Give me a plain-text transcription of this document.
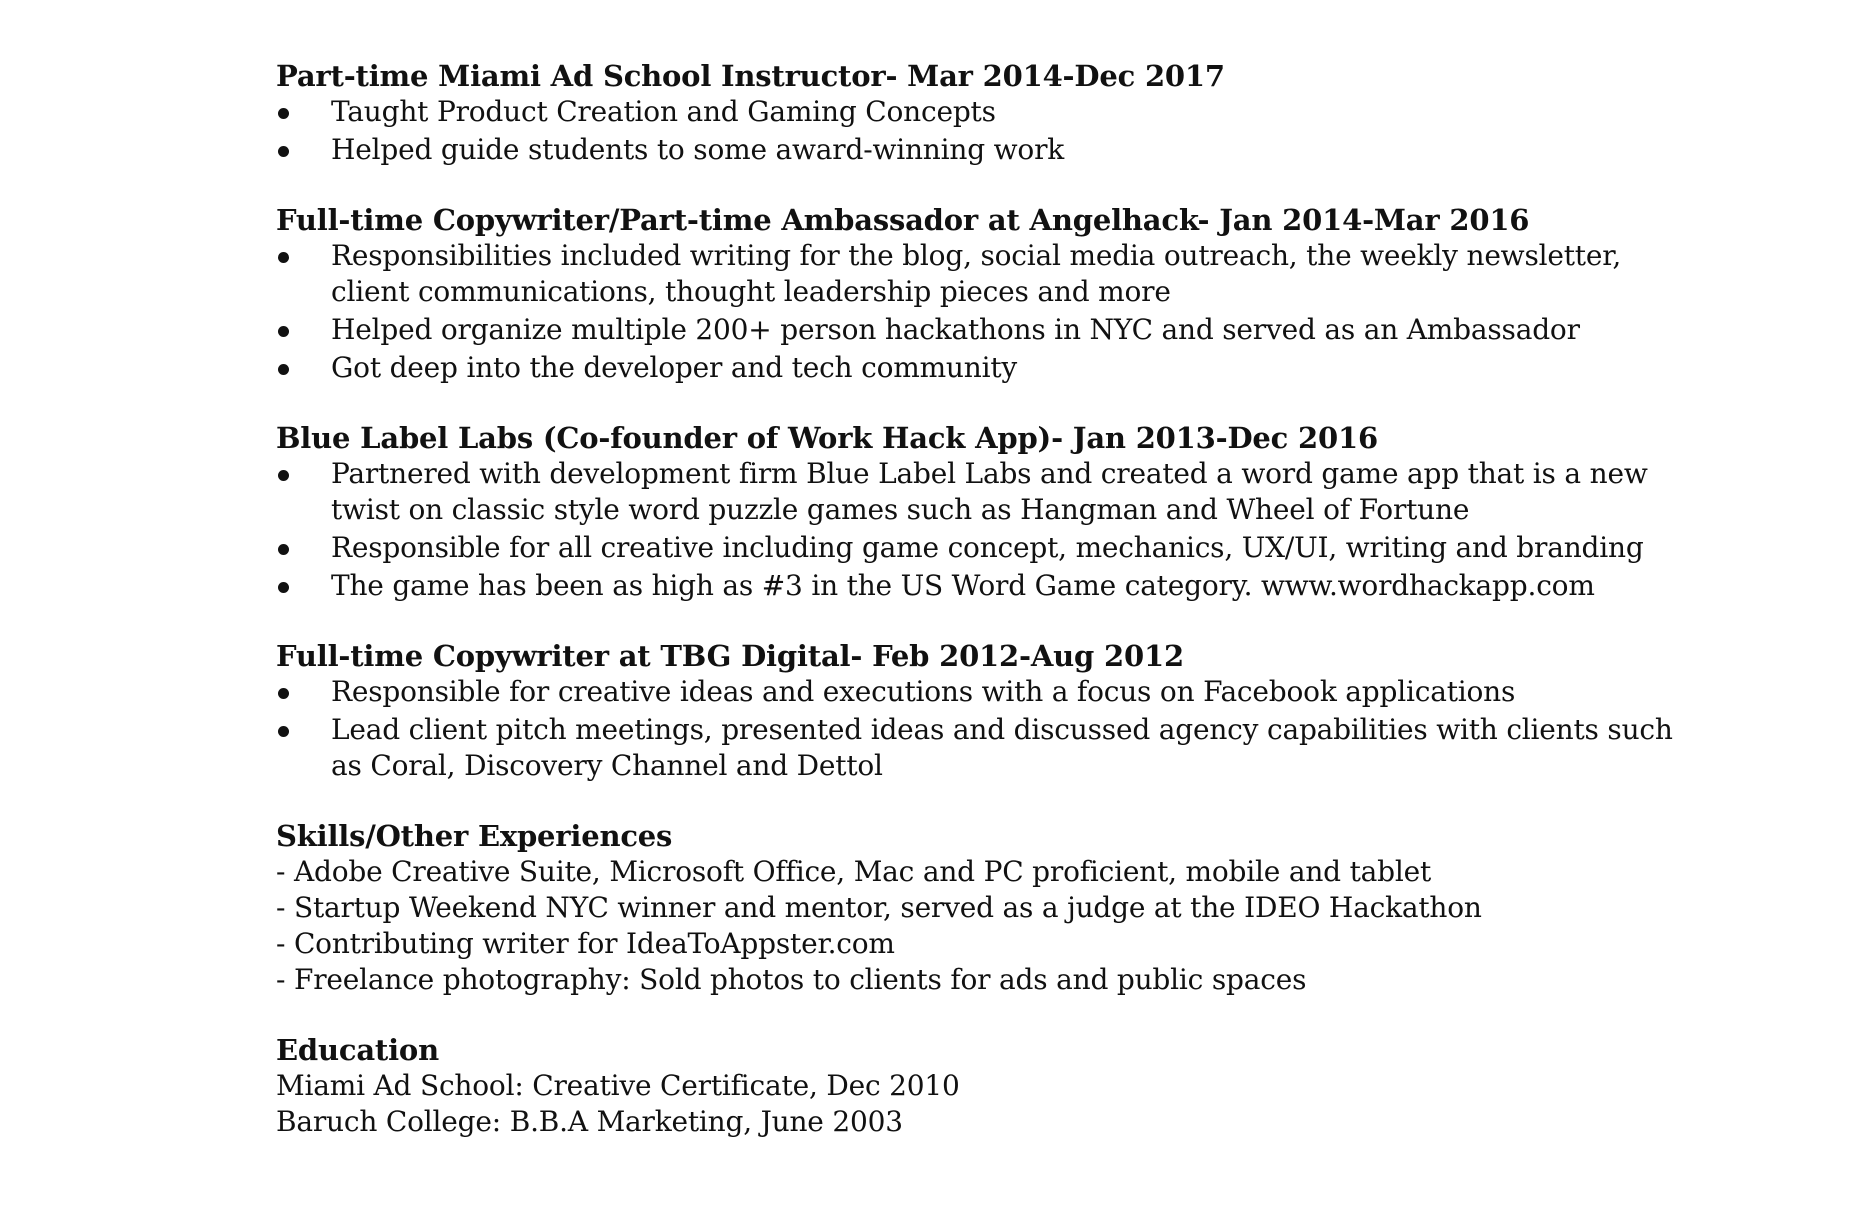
Part-time Miami Ad School Instructor- Mar 2014-Dec 2017
Taught Product Creation and Gaming Concepts
Helped guide students to some award-winning work
Full-time Copywriter/Part-time Ambassador at Angelhack- Jan 2014-Mar 2016
Responsibilities included writing for the blog, social media outreach, the weekly newsletter, client communications, thought leadership pieces and more
Helped organize multiple 200+ person hackathons in NYC and served as an Ambassador
Got deep into the developer and tech community
Blue Label Labs (Co-founder of Work Hack App)- Jan 2013-Dec 2016
Partnered with development firm Blue Label Labs and created a word game app that is a new twist on classic style word puzzle games such as Hangman and Wheel of Fortune
Responsible for all creative including game concept, mechanics, UX/UI, writing and branding
The game has been as high as #3 in the US Word Game category. www.wordhackapp.com
Full-time Copywriter at TBG Digital- Feb 2012-Aug 2012
Responsible for creative ideas and executions with a focus on Facebook applications
Lead client pitch meetings, presented ideas and discussed agency capabilities with clients such as Coral, Discovery Channel and Dettol
Skills/Other Experiences
- Adobe Creative Suite, Microsoft Office, Mac and PC proficient, mobile and tablet
- Startup Weekend NYC winner and mentor, served as a judge at the IDEO Hackathon
- Contributing writer for IdeaToAppster.com
- Freelance photography: Sold photos to clients for ads and public spaces
Education
Miami Ad School: Creative Certificate, Dec 2010
Baruch College: B.B.A Marketing, June 2003
